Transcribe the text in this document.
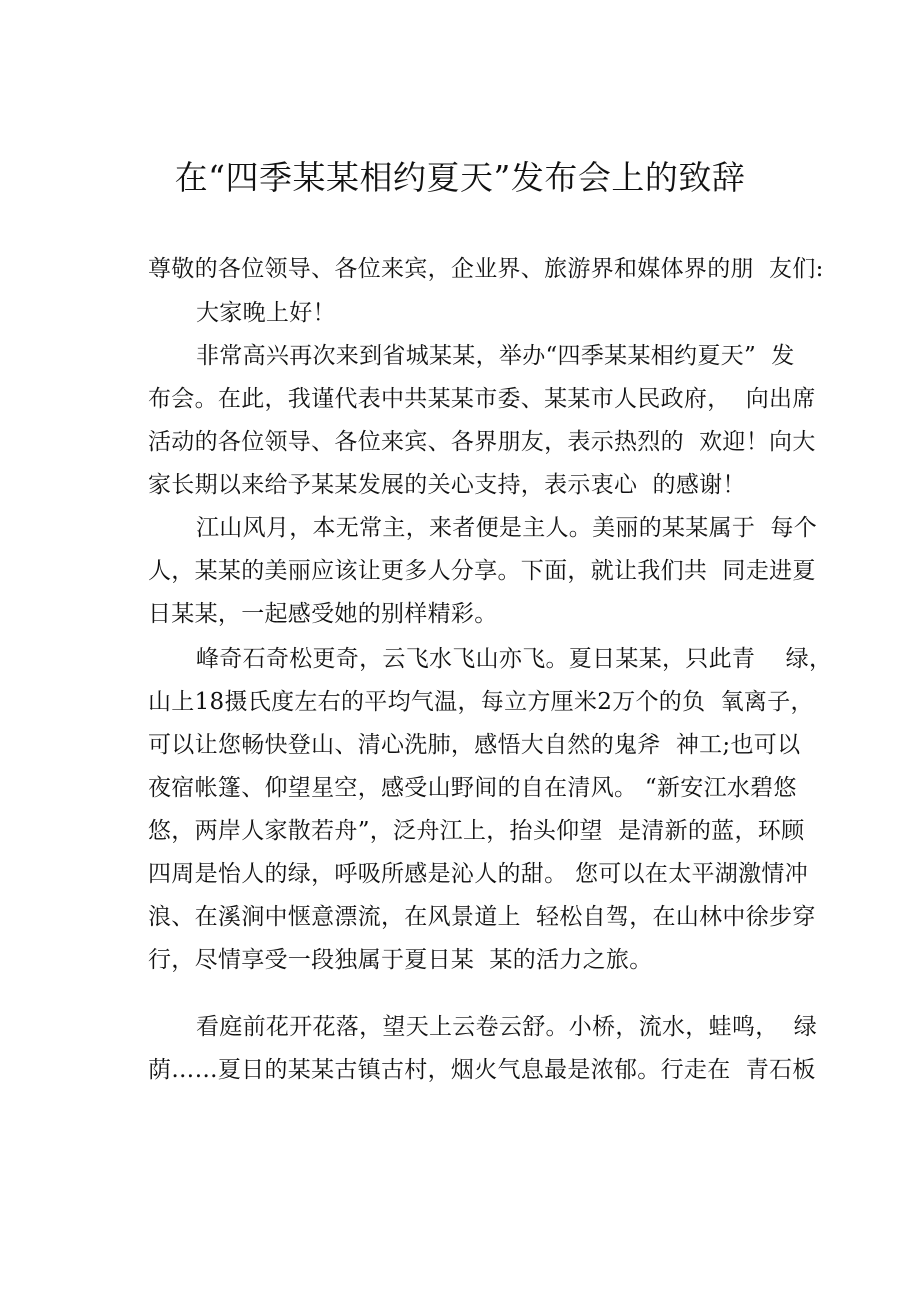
在“四季某某相约夏天”发布会上的致辞
尊敬的各位领导、各位来宾，企业界、旅游界和媒体界的朋  友们:
大家晚上好！
非常高兴再次来到省城某某，举办“四季某某相约夏天”  发
布会。在此，我谨代表中共某某市委、某某市人民政府，  向出席
活动的各位领导、各位来宾、各界朋友，表示热烈的  欢迎！向大
家长期以来给予某某发展的关心支持，表示衷心  的感谢！
江山风月，本无常主，来者便是主人。美丽的某某属于  每个
人，某某的美丽应该让更多人分享。下面，就让我们共  同走进夏
日某某，一起感受她的别样精彩。
峰奇石奇松更奇，云飞水飞山亦飞。夏日某某，只此青    绿，
山上18摄氏度左右的平均气温，每立方厘米2万个的负  氧离子，
可以让您畅快登山、清心洗肺，感悟大自然的鬼斧  神工;也可以
夜宿帐篷、仰望星空，感受山野间的自在清风。 “新安江水碧悠
悠，两岸人家散若舟”，泛舟江上，抬头仰望  是清新的蓝，环顾
四周是怡人的绿，呼吸所感是沁人的甜。 您可以在太平湖激情冲
浪、在溪涧中惬意漂流，在风景道上  轻松自驾，在山林中徐步穿
行，尽情享受一段独属于夏日某  某的活力之旅。
看庭前花开花落，望天上云卷云舒。小桥，流水，蛙鸣，  绿
荫……夏日的某某古镇古村，烟火气息最是浓郁。行走在  青石板
